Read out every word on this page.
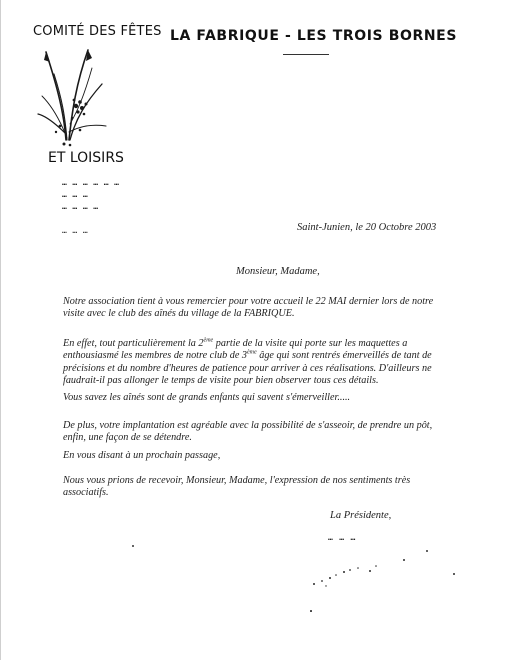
COMITÉ DES FÊTES
ET LOISIRS
LA FABRIQUE - LES TROIS BORNES
… … … … … …
… … …
… … … …
… … …	Saint-Junien, le 20 Octobre 2003
Monsieur, Madame,
Notre association tient à vous remercier pour votre accueil le 22 MAI dernier lors de notre visite avec le club des aînés du village de la FABRIQUE.
En effet, tout particulièrement la 2ème partie de la visite qui porte sur les maquettes a enthousiasmé les membres de notre club de 3ème âge qui sont rentrés émerveillés de tant de précisions et du nombre d'heures de patience pour arriver à ces réalisations. D'ailleurs ne faudrait-il pas allonger le temps de visite pour bien observer tous ces détails.
Vous savez les aînés sont de grands enfants qui savent s'émerveiller.....
De plus, votre implantation est agréable avec la possibilité de s'asseoir, de prendre un pôt, enfin, une façon de se détendre.
En vous disant à un prochain passage,
Nous vous prions de recevoir, Monsieur, Madame, l'expression de nos sentiments très associatifs.
La Présidente,
… … …
